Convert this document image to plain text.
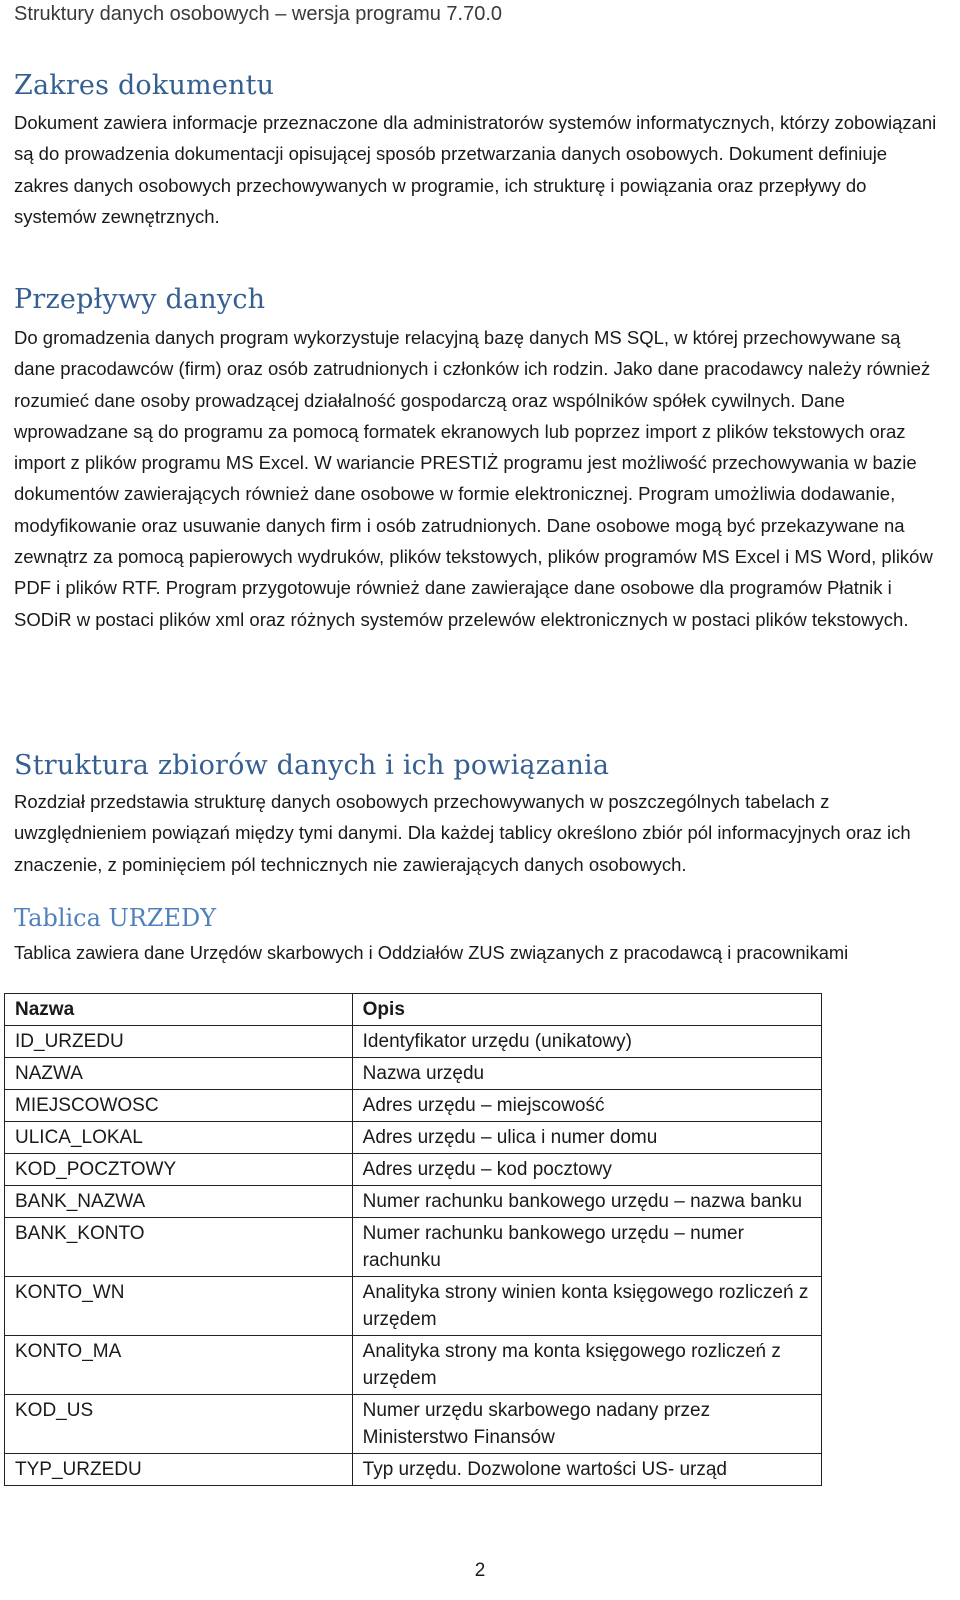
Struktury danych osobowych – wersja programu 7.70.0
Zakres dokumentu

Dokument zawiera informacje przeznaczone dla administratorów systemów informatycznych, którzy zobowiązani są do prowadzenia dokumentacji opisującej sposób przetwarzania danych osobowych. Dokument definiuje zakres danych osobowych przechowywanych w programie, ich strukturę i powiązania oraz przepływy do systemów zewnętrznych.

Przepływy danych

Do gromadzenia danych program wykorzystuje relacyjną bazę danych MS SQL, w której przechowywane są dane pracodawców (firm) oraz osób zatrudnionych i członków ich rodzin. Jako dane pracodawcy należy również rozumieć dane osoby prowadzącej działalność gospodarczą oraz wspólników spółek cywilnych. Dane wprowadzane są do programu za pomocą formatek ekranowych lub poprzez import z plików tekstowych oraz import z plików programu MS Excel. W wariancie PRESTIŻ programu jest możliwość przechowywania w bazie dokumentów zawierających również dane osobowe w formie elektronicznej. Program umożliwia dodawanie, modyfikowanie oraz usuwanie danych firm i osób zatrudnionych. Dane osobowe mogą być przekazywane na zewnątrz za pomocą papierowych wydruków, plików tekstowych, plików programów MS Excel i MS Word, plików PDF i plików RTF. Program przygotowuje również dane zawierające dane osobowe dla programów Płatnik i SODiR w postaci plików xml oraz różnych systemów przelewów elektronicznych w postaci plików tekstowych.

Struktura zbiorów danych i ich powiązania

Rozdział przedstawia strukturę danych osobowych przechowywanych w poszczególnych tabelach z uwzględnieniem powiązań między tymi danymi. Dla każdej tablicy określono zbiór pól informacyjnych oraz ich znaczenie, z pominięciem pól technicznych nie zawierających danych osobowych.

Tablica URZEDY

Tablica zawiera dane Urzędów skarbowych i Oddziałów ZUS związanych z pracodawcą i pracownikami

Nazwa	Opis
ID_URZEDU	Identyfikator urzędu (unikatowy)
NAZWA	Nazwa urzędu
MIEJSCOWOSC	Adres urzędu – miejscowość
ULICA_LOKAL	Adres urzędu – ulica i numer domu
KOD_POCZTOWY	Adres urzędu – kod pocztowy
BANK_NAZWA	Numer rachunku bankowego urzędu – nazwa banku
BANK_KONTO	Numer rachunku bankowego urzędu – numer rachunku
KONTO_WN	Analityka strony winien konta księgowego rozliczeń z urzędem
KONTO_MA	Analityka strony ma konta księgowego rozliczeń z urzędem
KOD_US	Numer urzędu skarbowego nadany przez Ministerstwo Finansów
TYP_URZEDU	Typ urzędu. Dozwolone wartości US- urząd
2
